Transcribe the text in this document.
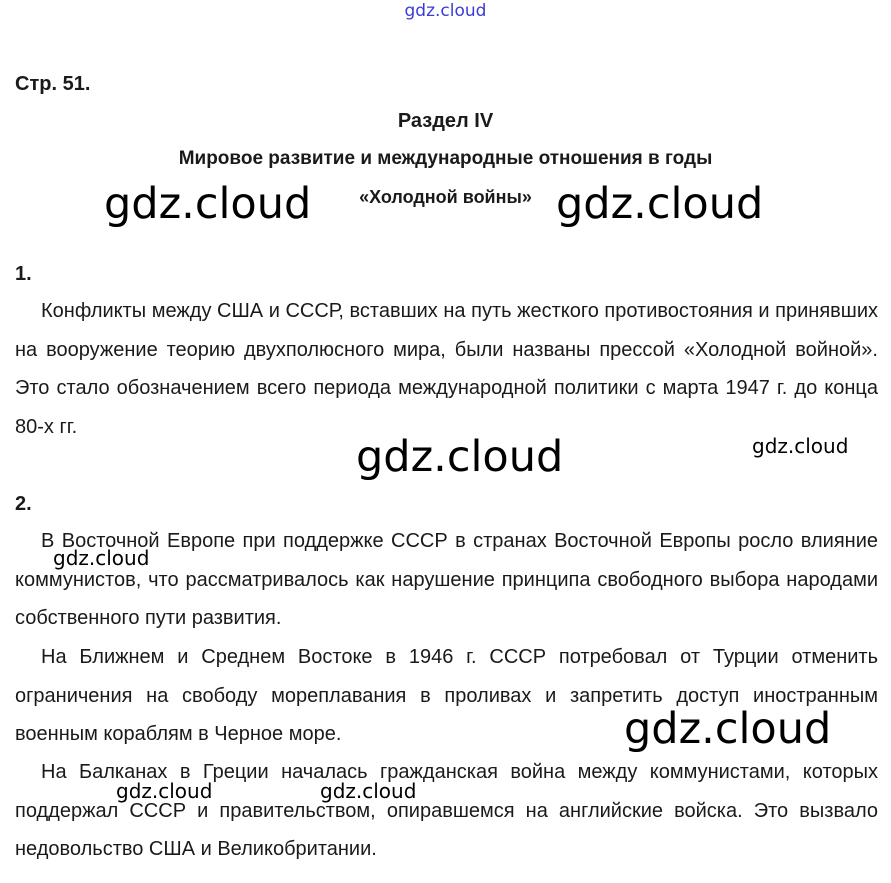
gdz.cloud
Стр. 51.
Раздел IV
Мировое развитие и международные отношения в годы
«Холодной войны»
gdz.cloud	gdz.cloud
1.
Конфликты между США и СССР, вставших на путь жесткого противостояния и принявших на вооружение теорию двухполюсного мира, были названы прессой «Холодной войной». Это стало обозначением всего периода международной политики с марта 1947 г. до конца 80-х гг.
gdz.cloud	gdz.cloud
2.
В Восточной Европе при поддержке СССР в странах Восточной Европы росло влияние коммунистов, что рассматривалось как нарушение принципа свободного выбора народами собственного пути развития.
На Ближнем и Среднем Востоке в 1946 г. СССР потребовал от Турции отменить ограничения на свободу мореплавания в проливах и запретить доступ иностранным военным кораблям в Черное море.
На Балканах в Греции началась гражданская война между коммунистами, которых поддержал СССР и правительством, опиравшемся на английские войска. Это вызвало недовольство США и Великобритании.
gdz.cloud
gdz.cloud
gdz.cloud	gdz.cloud
